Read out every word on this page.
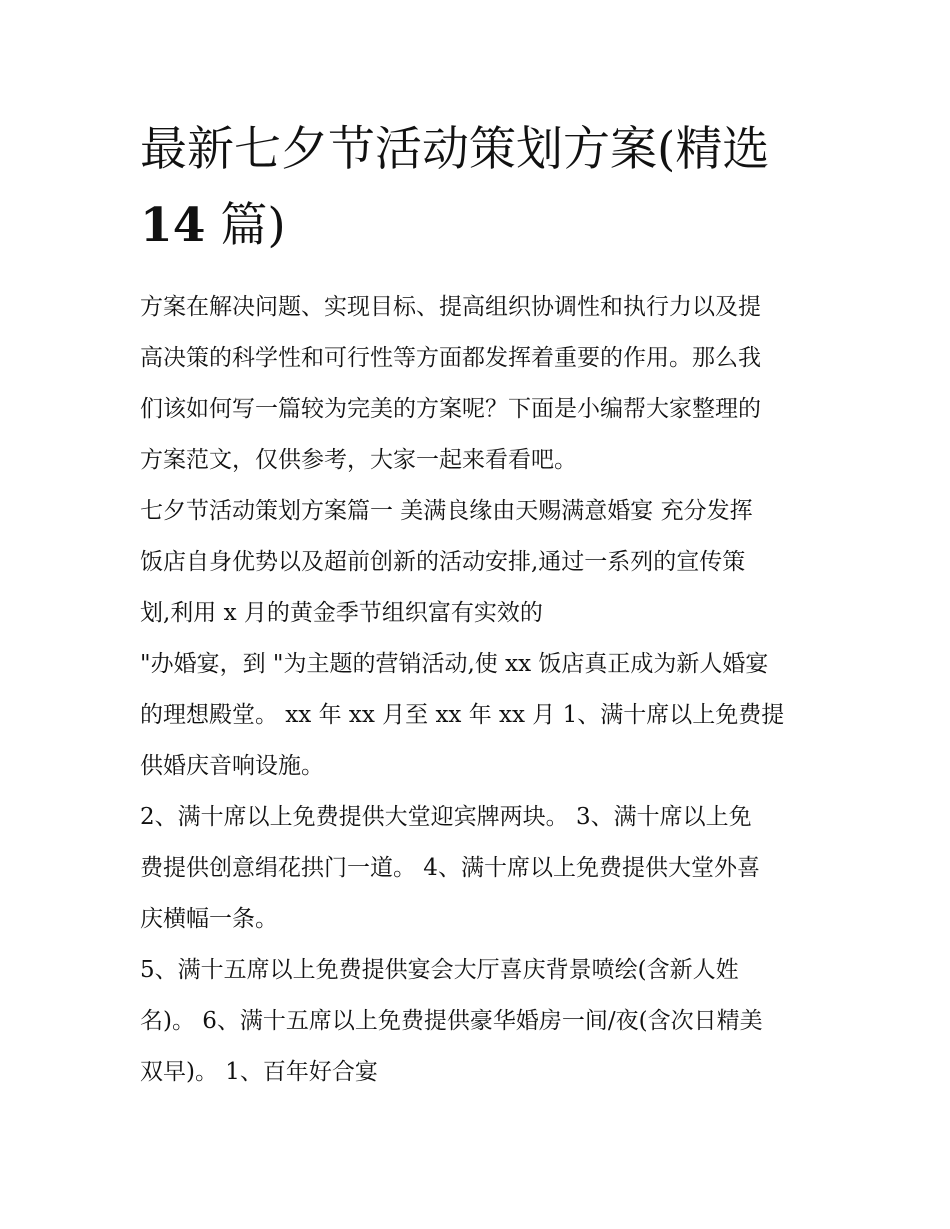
最新七夕节活动策划方案(精选
14 篇)

方案在解决问题、实现目标、提高组织协调性和执行力以及提
高决策的科学性和可行性等方面都发挥着重要的作用。那么我
们该如何写一篇较为完美的方案呢？下面是小编帮大家整理的
方案范文，仅供参考，大家一起来看看吧。

七夕节活动策划方案篇一 美满良缘由天赐满意婚宴 充分发挥
饭店自身优势以及超前创新的活动安排,通过一系列的宣传策
划,利用 x 月的黄金季节组织富有实效的

"办婚宴，到 "为主题的营销活动,使 xx 饭店真正成为新人婚宴
的理想殿堂。 xx 年 xx 月至 xx 年 xx 月 1、满十席以上免费提
供婚庆音响设施。

2、满十席以上免费提供大堂迎宾牌两块。 3、满十席以上免
费提供创意绢花拱门一道。 4、满十席以上免费提供大堂外喜
庆横幅一条。

5、满十五席以上免费提供宴会大厅喜庆背景喷绘(含新人姓
名)。 6、满十五席以上免费提供豪华婚房一间/夜(含次日精美
双早)。 1、百年好合宴
